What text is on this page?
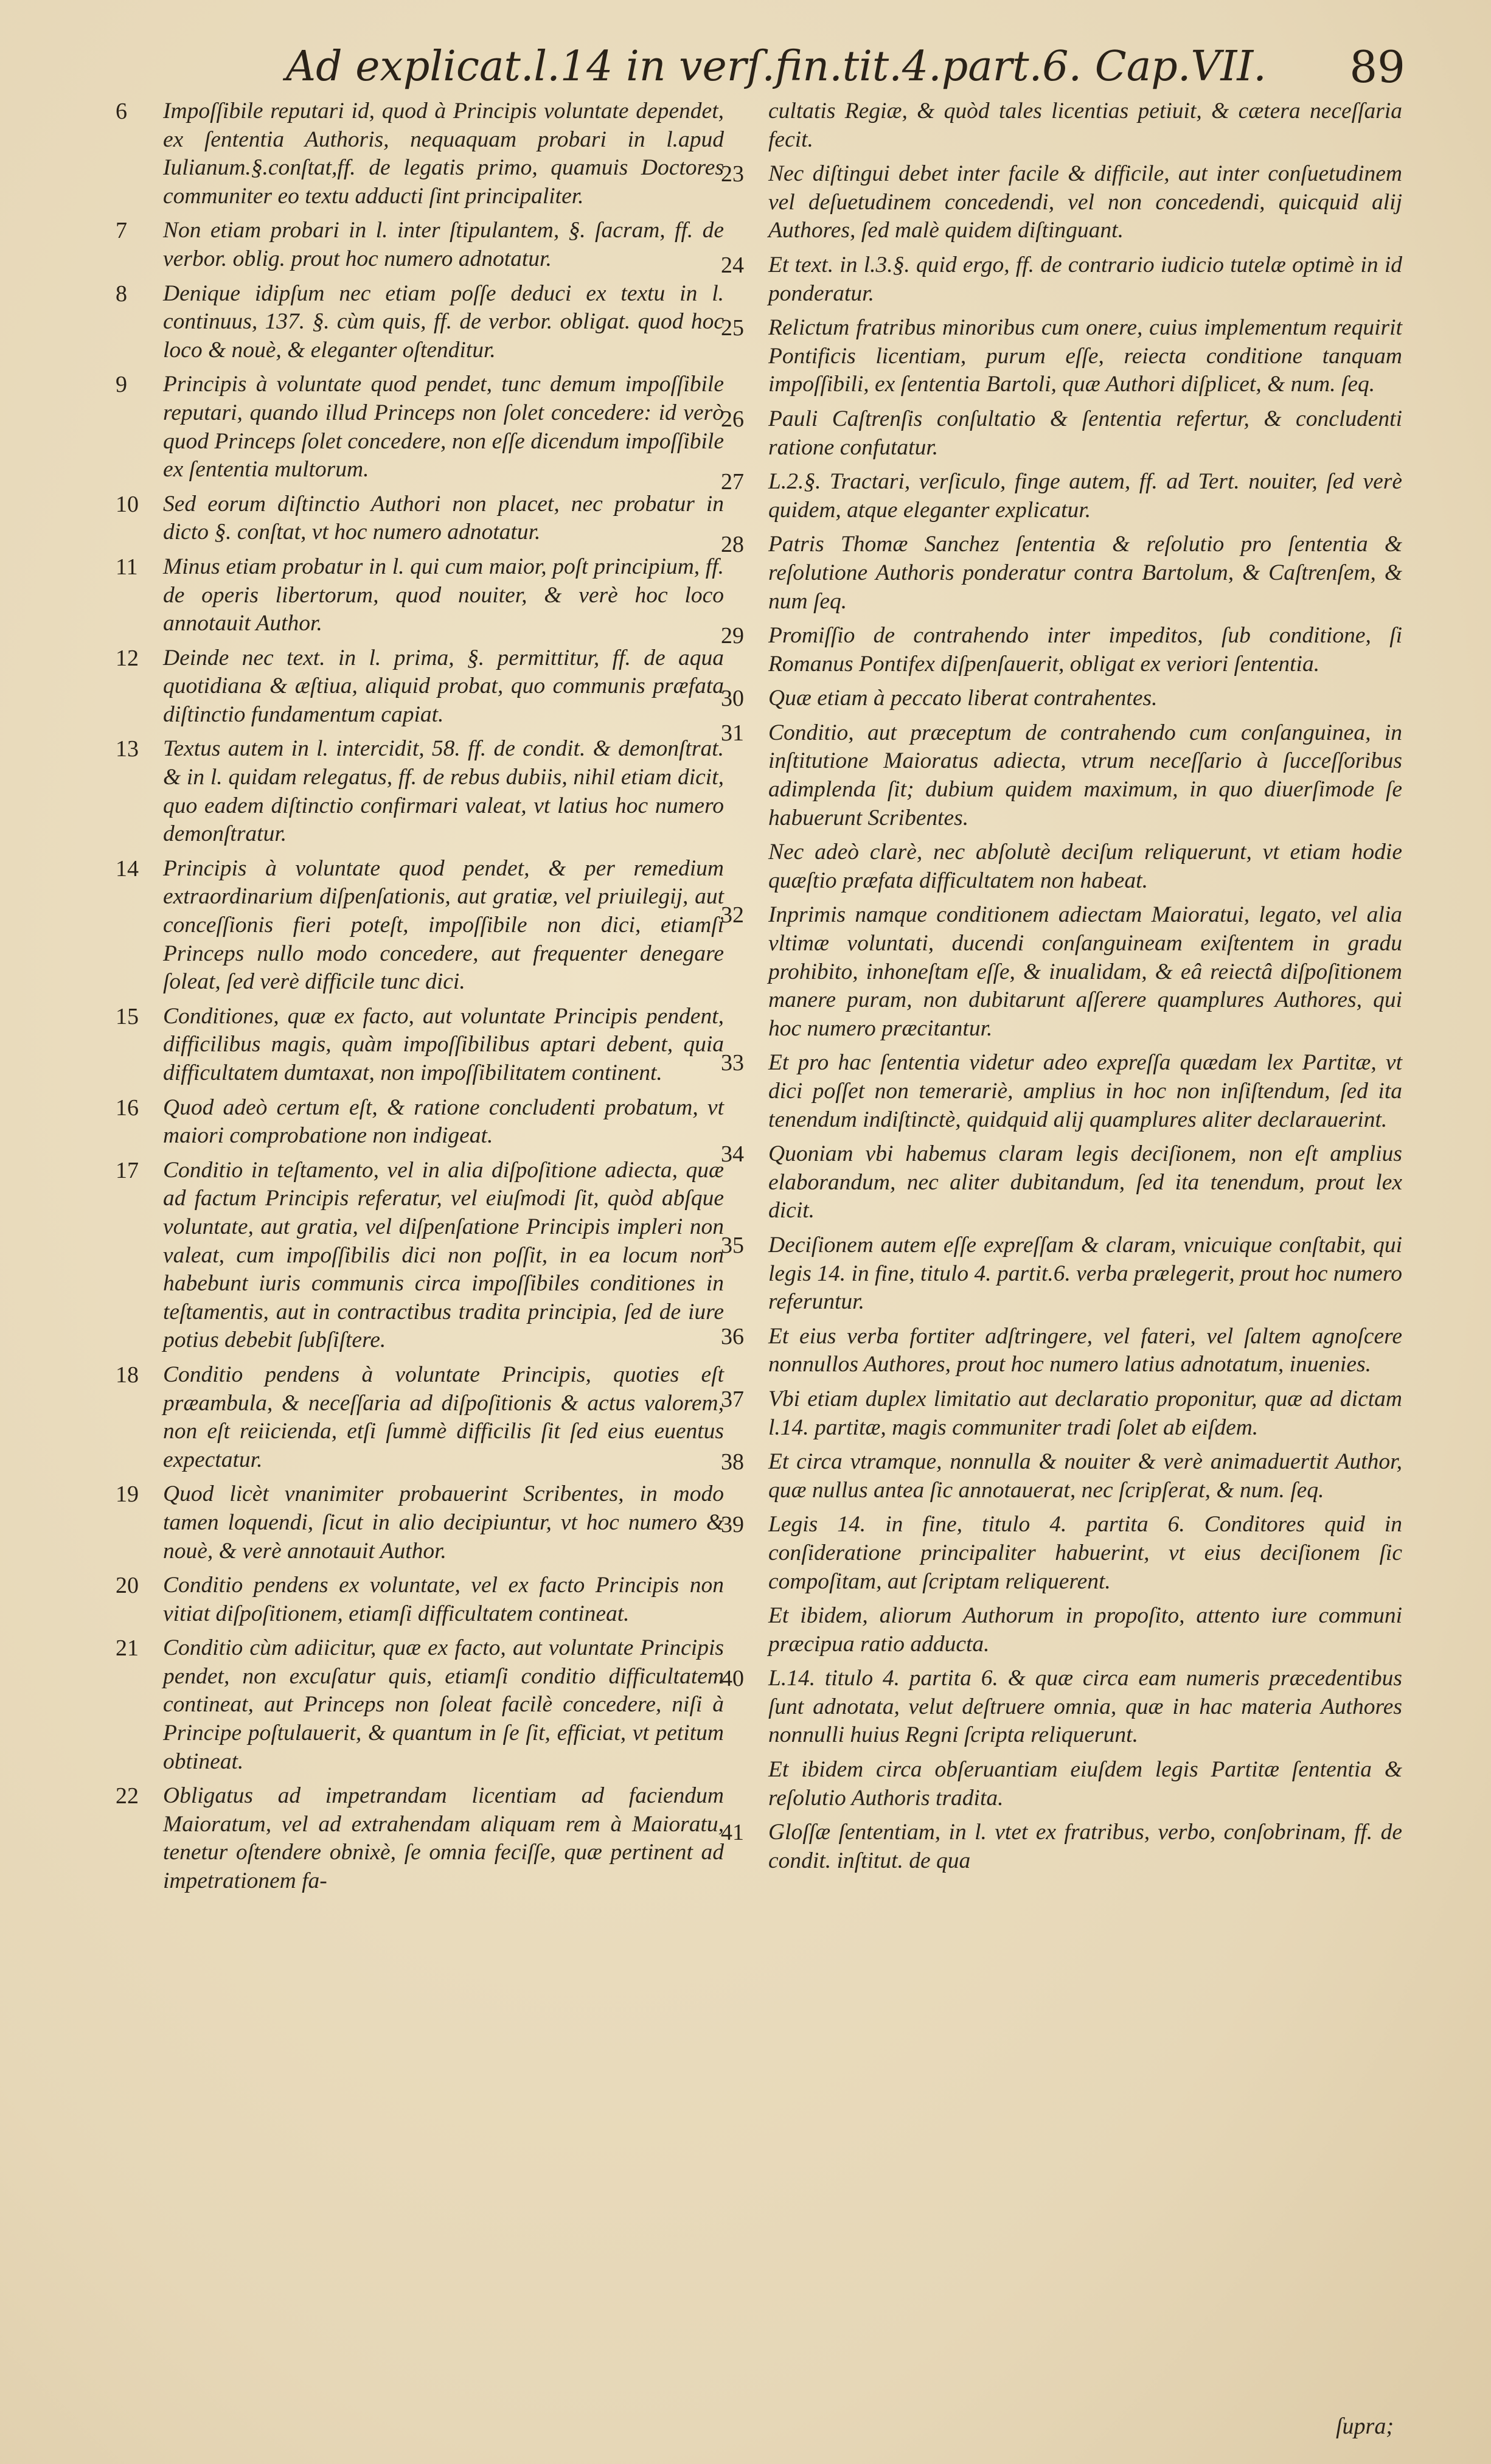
Ad explicat.l.14 in verſ.fin.tit.4.part.6. Cap.VII. 89
6	Impoſſibile reputari id, quod à Principis voluntate dependet, ex ſententia Authoris, nequaquam probari in l.apud Iulianum.§.conſtat,ff. de legatis primo, quamuis Doctores communiter eo textu adducti ſint principaliter.
7	Non etiam probari in l. inter ſtipulantem, §. ſacram, ff. de verbor. oblig. prout hoc numero adnotatur.
8	Denique idipſum nec etiam poſſe deduci ex textu in l. continuus, 137. §. cùm quis, ff. de verbor. obligat. quod hoc loco & nouè, & eleganter oſtenditur.
9	Principis à voluntate quod pendet, tunc demum impoſſibile reputari, quando illud Princeps non ſolet concedere: id verò quod Princeps ſolet concedere, non eſſe dicendum impoſſibile ex ſententia multorum.
10	Sed eorum diſtinctio Authori non placet, nec probatur in dicto §. conſtat, vt hoc numero adnotatur.
11	Minus etiam probatur in l. qui cum maior, poſt principium, ff. de operis libertorum, quod nouiter, & verè hoc loco annotauit Author.
12	Deinde nec text. in l. prima, §. permittitur, ff. de aqua quotidiana & æſtiua, aliquid probat, quo communis præfata diſtinctio fundamentum capiat.
13	Textus autem in l. intercidit, 58. ff. de condit. & demonſtrat. & in l. quidam relegatus, ff. de rebus dubiis, nihil etiam dicit, quo eadem diſtinctio confirmari valeat, vt latius hoc numero demonſtratur.
14	Principis à voluntate quod pendet, & per remedium extraordinarium diſpenſationis, aut gratiæ, vel priuilegij, aut conceſſionis fieri poteſt, impoſſibile non dici, etiamſi Princeps nullo modo concedere, aut frequenter denegare ſoleat, ſed verè difficile tunc dici.
15	Conditiones, quæ ex facto, aut voluntate Principis pendent, difficilibus magis, quàm impoſſibilibus aptari debent, quia difficultatem dumtaxat, non impoſſibilitatem continent.
16	Quod adeò certum eſt, & ratione concludenti probatum, vt maiori comprobatione non indigeat.
17	Conditio in teſtamento, vel in alia diſpoſitione adiecta, quæ ad factum Principis referatur, vel eiuſmodi ſit, quòd abſque voluntate, aut gratia, vel diſpenſatione Principis impleri non valeat, cum impoſſibilis dici non poſſit, in ea locum non habebunt iuris communis circa impoſſibiles conditiones in teſtamentis, aut in contractibus tradita principia, ſed de iure potius debebit ſubſiſtere.
18	Conditio pendens à voluntate Principis, quoties eſt præambula, & neceſſaria ad diſpoſitionis & actus valorem, non eſt reiicienda, etſi ſummè difficilis ſit ſed eius euentus expectatur.
19	Quod licèt vnanimiter probauerint Scribentes, in modo tamen loquendi, ſicut in alio decipiuntur, vt hoc numero & nouè, & verè annotauit Author.
20	Conditio pendens ex voluntate, vel ex facto Principis non vitiat diſpoſitionem, etiamſi difficultatem contineat.
21	Conditio cùm adiicitur, quæ ex facto, aut voluntate Principis pendet, non excuſatur quis, etiamſi conditio difficultatem contineat, aut Princeps non ſoleat facilè concedere, niſi à Principe poſtulauerit, & quantum in ſe ſit, efficiat, vt petitum obtineat.
22	Obligatus ad impetrandam licentiam ad faciendum Maioratum, vel ad extrahendam aliquam rem à Maioratu, tenetur oſtendere obnixè, ſe omnia feciſſe, quæ pertinent ad impetrationem fa-
cultatis Regiæ, & quòd tales licentias petiuit, & cætera neceſſaria fecit.
23	Nec diſtingui debet inter facile & difficile, aut inter conſuetudinem vel deſuetudinem concedendi, vel non concedendi, quicquid alij Authores, ſed malè quidem diſtinguant.
24	Et text. in l.3.§. quid ergo, ff. de contrario iudicio tutelæ optimè in id ponderatur.
25	Relictum fratribus minoribus cum onere, cuius implementum requirit Pontificis licentiam, purum eſſe, reiecta conditione tanquam impoſſibili, ex ſententia Bartoli, quæ Authori diſplicet, & num. ſeq.
26	Pauli Caſtrenſis conſultatio & ſententia refertur, & concludenti ratione confutatur.
27	L.2.§. Tractari, verſiculo, finge autem, ff. ad Tert. nouiter, ſed verè quidem, atque eleganter explicatur.
28	Patris Thomæ Sanchez ſententia & reſolutio pro ſententia & reſolutione Authoris ponderatur contra Bartolum, & Caſtrenſem, & num ſeq.
29	Promiſſio de contrahendo inter impeditos, ſub conditione, ſi Romanus Pontifex diſpenſauerit, obligat ex veriori ſententia.
30	Quæ etiam à peccato liberat contrahentes.
31	Conditio, aut præceptum de contrahendo cum conſanguinea, in inſtitutione Maioratus adiecta, vtrum neceſſario à ſucceſſoribus adimplenda ſit; dubium quidem maximum, in quo diuerſimode ſe habuerunt Scribentes.
Nec adeò clarè, nec abſolutè deciſum reliquerunt, vt etiam hodie quæſtio præfata difficultatem non habeat.
32	Inprimis namque conditionem adiectam Maioratui, legato, vel alia vltimæ voluntati, ducendi conſanguineam exiſtentem in gradu prohibito, inhoneſtam eſſe, & inualidam, & eâ reiectâ diſpoſitionem manere puram, non dubitarunt aſſerere quamplures Authores, qui hoc numero præcitantur.
33	Et pro hac ſententia videtur adeo expreſſa quædam lex Partitæ, vt dici poſſet non temerariè, amplius in hoc non inſiſtendum, ſed ita tenendum indiſtinctè, quidquid alij quamplures aliter declarauerint.
34	Quoniam vbi habemus claram legis deciſionem, non eſt amplius elaborandum, nec aliter dubitandum, ſed ita tenendum, prout lex dicit.
35	Deciſionem autem eſſe expreſſam & claram, vnicuique conſtabit, qui legis 14. in fine, titulo 4. partit.6. verba prælegerit, prout hoc numero referuntur.
36	Et eius verba fortiter adſtringere, vel fateri, vel ſaltem agnoſcere nonnullos Authores, prout hoc numero latius adnotatum, inuenies.
37	Vbi etiam duplex limitatio aut declaratio proponitur, quæ ad dictam l.14. partitæ, magis communiter tradi ſolet ab eiſdem.
38	Et circa vtramque, nonnulla & nouiter & verè animaduertit Author, quæ nullus antea ſic annotauerat, nec ſcripſerat, & num. ſeq.
39	Legis 14. in fine, titulo 4. partita 6. Conditores quid in conſideratione principaliter habuerint, vt eius deciſionem ſic compoſitam, aut ſcriptam reliquerent.
Et ibidem, aliorum Authorum in propoſito, attento iure communi præcipua ratio adducta.
40	L.14. titulo 4. partita 6. & quæ circa eam numeris præcedentibus ſunt adnotata, velut deſtruere omnia, quæ in hac materia Authores nonnulli huius Regni ſcripta reliquerunt.
Et ibidem circa obſeruantiam eiuſdem legis Partitæ ſententia & reſolutio Authoris tradita.
41	Gloſſæ ſententiam, in l. vtet ex fratribus, verbo, conſobrinam, ff. de condit. inſtitut. de qua
ſupra;
